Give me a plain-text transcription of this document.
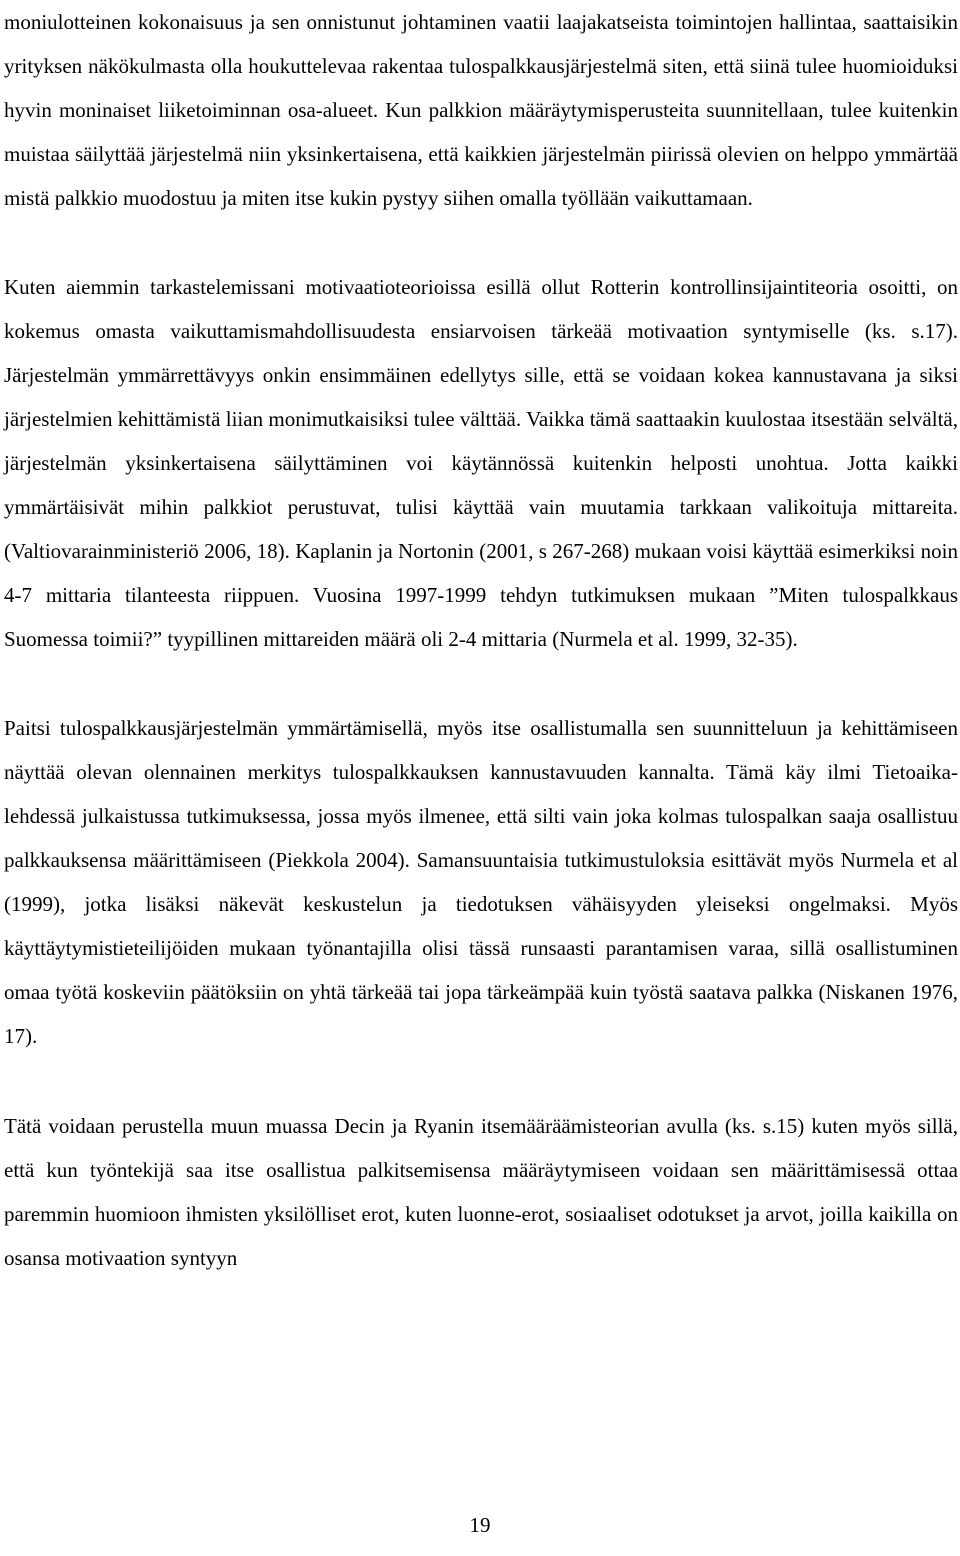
moniulotteinen kokonaisuus ja sen onnistunut johtaminen vaatii laajakatseista toimintojen hallintaa, saattaisikin yrityksen näkökulmasta olla houkuttelevaa rakentaa tulospalkkausjärjestelmä siten, että siinä tulee huomioiduksi hyvin moninaiset liiketoiminnan osa-alueet. Kun palkkion määräytymisperusteita suunnitellaan, tulee kuitenkin muistaa säilyttää järjestelmä niin yksinkertaisena, että kaikkien järjestelmän piirissä olevien on helppo ymmärtää mistä palkkio muodostuu ja miten itse kukin pystyy siihen omalla työllään vaikuttamaan.

Kuten aiemmin tarkastelemissani motivaatioteorioissa esillä ollut Rotterin kontrollinsijaintiteoria osoitti, on kokemus omasta vaikuttamismahdollisuudesta ensiarvoisen tärkeää motivaation syntymiselle (ks. s.17). Järjestelmän ymmärrettävyys onkin ensimmäinen edellytys sille, että se voidaan kokea kannustavana ja siksi järjestelmien kehittämistä liian monimutkaisiksi tulee välttää. Vaikka tämä saattaakin kuulostaa itsestään selvältä, järjestelmän yksinkertaisena säilyttäminen voi käytännössä kuitenkin helposti unohtua. Jotta kaikki ymmärtäisivät mihin palkkiot perustuvat, tulisi käyttää vain muutamia tarkkaan valikoituja mittareita. (Valtiovarainministeriö 2006, 18). Kaplanin ja Nortonin (2001, s 267-268) mukaan voisi käyttää esimerkiksi noin 4-7 mittaria tilanteesta riippuen. Vuosina 1997-1999 tehdyn tutkimuksen mukaan ”Miten tulospalkkaus Suomessa toimii?” tyypillinen mittareiden määrä oli 2-4 mittaria (Nurmela et al. 1999, 32-35).

Paitsi tulospalkkausjärjestelmän ymmärtämisellä, myös itse osallistumalla sen suunnitteluun ja kehittämiseen näyttää olevan olennainen merkitys tulospalkkauksen kannustavuuden kannalta. Tämä käy ilmi Tietoaika-lehdessä julkaistussa tutkimuksessa, jossa myös ilmenee, että silti vain joka kolmas tulospalkan saaja osallistuu palkkauksensa määrittämiseen (Piekkola 2004). Samansuuntaisia tutkimustuloksia esittävät myös Nurmela et al (1999), jotka lisäksi näkevät keskustelun ja tiedotuksen vähäisyyden yleiseksi ongelmaksi. Myös käyttäytymistieteilijöiden mukaan työnantajilla olisi tässä runsaasti parantamisen varaa, sillä osallistuminen omaa työtä koskeviin päätöksiin on yhtä tärkeää tai jopa tärkeämpää kuin työstä saatava palkka (Niskanen 1976, 17).

Tätä voidaan perustella muun muassa Decin ja Ryanin itsemääräämisteorian avulla (ks. s.15) kuten myös sillä, että kun työntekijä saa itse osallistua palkitsemisensa määräytymiseen voidaan sen määrittämisessä ottaa paremmin huomioon ihmisten yksilölliset erot, kuten luonne-erot, sosiaaliset odotukset ja arvot, joilla kaikilla on osansa motivaation syntyyn

19
